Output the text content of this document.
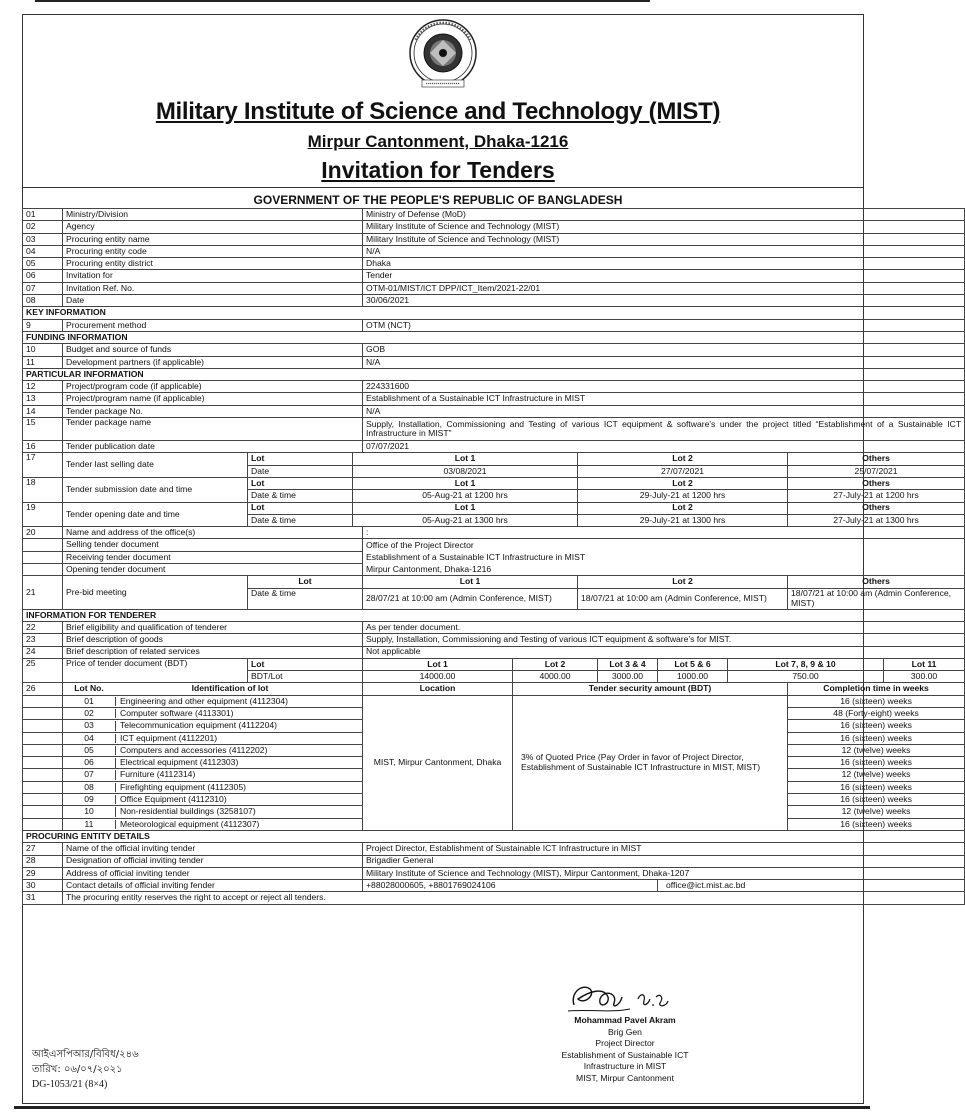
Military Institute of Science and Technology (MIST)
Mirpur Cantonment, Dhaka-1216
Invitation for Tenders
GOVERNMENT OF THE PEOPLE'S REPUBLIC OF BANGLADESH
01	Ministry/Division			Ministry of Defense (MoD)							
02	Agency			Military Institute of Science and Technology (MIST)							
03	Procuring entity name			Military Institute of Science and Technology (MIST)							
04	Procuring entity code			N/A							
05	Procuring entity district			Dhaka							
06	Invitation for			Tender							
07	Invitation Ref. No.			OTM-01/MIST/ICT DPP/ICT_Item/2021-22/01							
08	Date			30/06/2021							
KEY INFORMATION											
9	Procurement method			OTM (NCT)							
FUNDING INFORMATION											
10	Budget and source of funds			GOB							
11	Development partners (if applicable)			N/A							
PARTICULAR INFORMATION											
12	Project/program code (if applicable)			224331600							
13	Project/program name (if applicable)			Establishment of a Sustainable ICT Infrastructure in MIST							
14	Tender package No.			N/A							
15	Tender package name			Supply, Installation, Commissioning and Testing of various ICT equipment & software's under the project titled “Establishment of a Sustainable ICT Infrastructure in MIST”							
16	Tender publication date			07/07/2021							
17	Tender last selling date	Lot	Lot 1			Lot 2				Others	
		Date	03/08/2021			27/07/2021				25/07/2021	
18	Tender submission date and time	Lot	Lot 1			Lot 2				Others	
		Date & time	05-Aug-21 at 1200 hrs			29-July-21 at 1200 hrs				27-July-21 at 1200 hrs	
19	Tender opening date and time	Lot	Lot 1			Lot 2				Others	
		Date & time	05-Aug-21 at 1300 hrs			29-July-21 at 1300 hrs				27-July-21 at 1300 hrs	
20	Name and address of the office(s)			:							
	Selling tender document			Office of the Project Director							
	Receiving tender document			Establishment of a Sustainable ICT Infrastructure in MIST							
	Opening tender document			Mirpur Cantonment, Dhaka-1216							
21	Pre-bid meeting	Lot		Lot 1		Lot 2				Others	
		Date & time		28/07/21 at 10:00 am (Admin Conference, MIST)		18/07/21 at 10:00 am (Admin Conference, MIST)				18/07/21 at 10:00 am (Admin Conference, MIST)	
INFORMATION FOR TENDERER											
22	Brief eligibility and qualification of tenderer			As per tender document.							
23	Brief description of goods			Supply, Installation, Commissioning and Testing of various ICT equipment & software's for MIST.							
24	Brief description of related services			Not applicable							
25	Price of tender document (BDT)	Lot		Lot 1	Lot 2		Lot 3 & 4	Lot 5 & 6	Lot 7, 8, 9 & 10		Lot 11
		BDT/Lot		14000.00	4000.00		3000.00	1000.00	750.00		300.00
26	Lot No. Identification of lot			Location	Tender security amount (BDT)					Completion time in weeks	
	01 Engineering and other equipment (4112304)			MIST, Mirpur Cantonment, Dhaka	3% of Quoted Price (Pay Order in favor of Project Director, Establishment of Sustainable ICT Infrastructure in MIST, MIST)					16 (sixteen) weeks	
	02 Computer software (4113301)									48 (Forty-eight) weeks	
	03 Telecommunication equipment (4112204)									16 (sixteen) weeks	
	04 ICT equipment (4112201)									16 (sixteen) weeks	
	05 Computers and accessories (4112202)									12 (twelve) weeks	
	06 Electrical equipment (4112303)									16 (sixteen) weeks	
	07 Furniture (4112314)									12 (twelve) weeks	
	08 Firefighting equipment (4112305)									16 (sixteen) weeks	
	09 Office Equipment (4112310)									16 (sixteen) weeks	
	10 Non-residential buildings (3258107)									12 (twelve) weeks	
	11 Meteorological equipment (4112307)									16 (sixteen) weeks	
PROCURING ENTITY DETAILS											
27	Name of the official inviting tender			Project Director, Establishment of Sustainable ICT Infrastructure in MIST							
28	Designation of official inviting tender			Brigadier General							
29	Address of official inviting tender			Military Institute of Science and Technology (MIST), Mirpur Cantonment, Dhaka-1207							
30	Contact details of official inviting fender			+88028000605, +8801769024106				office@ict.mist.ac.bd			
31	The procuring entity reserves the right to accept or reject all tenders.										
Mohammad Pavel Akram
Brig Gen
Project Director
Establishment of Sustainable ICT
Infrastructure in MIST
MIST, Mirpur Cantonment
আইএসপিআর/বিবিধ/২৪৬
তারিখ: ০৬/০৭/২০২১
DG-1053/21 (8×4)
